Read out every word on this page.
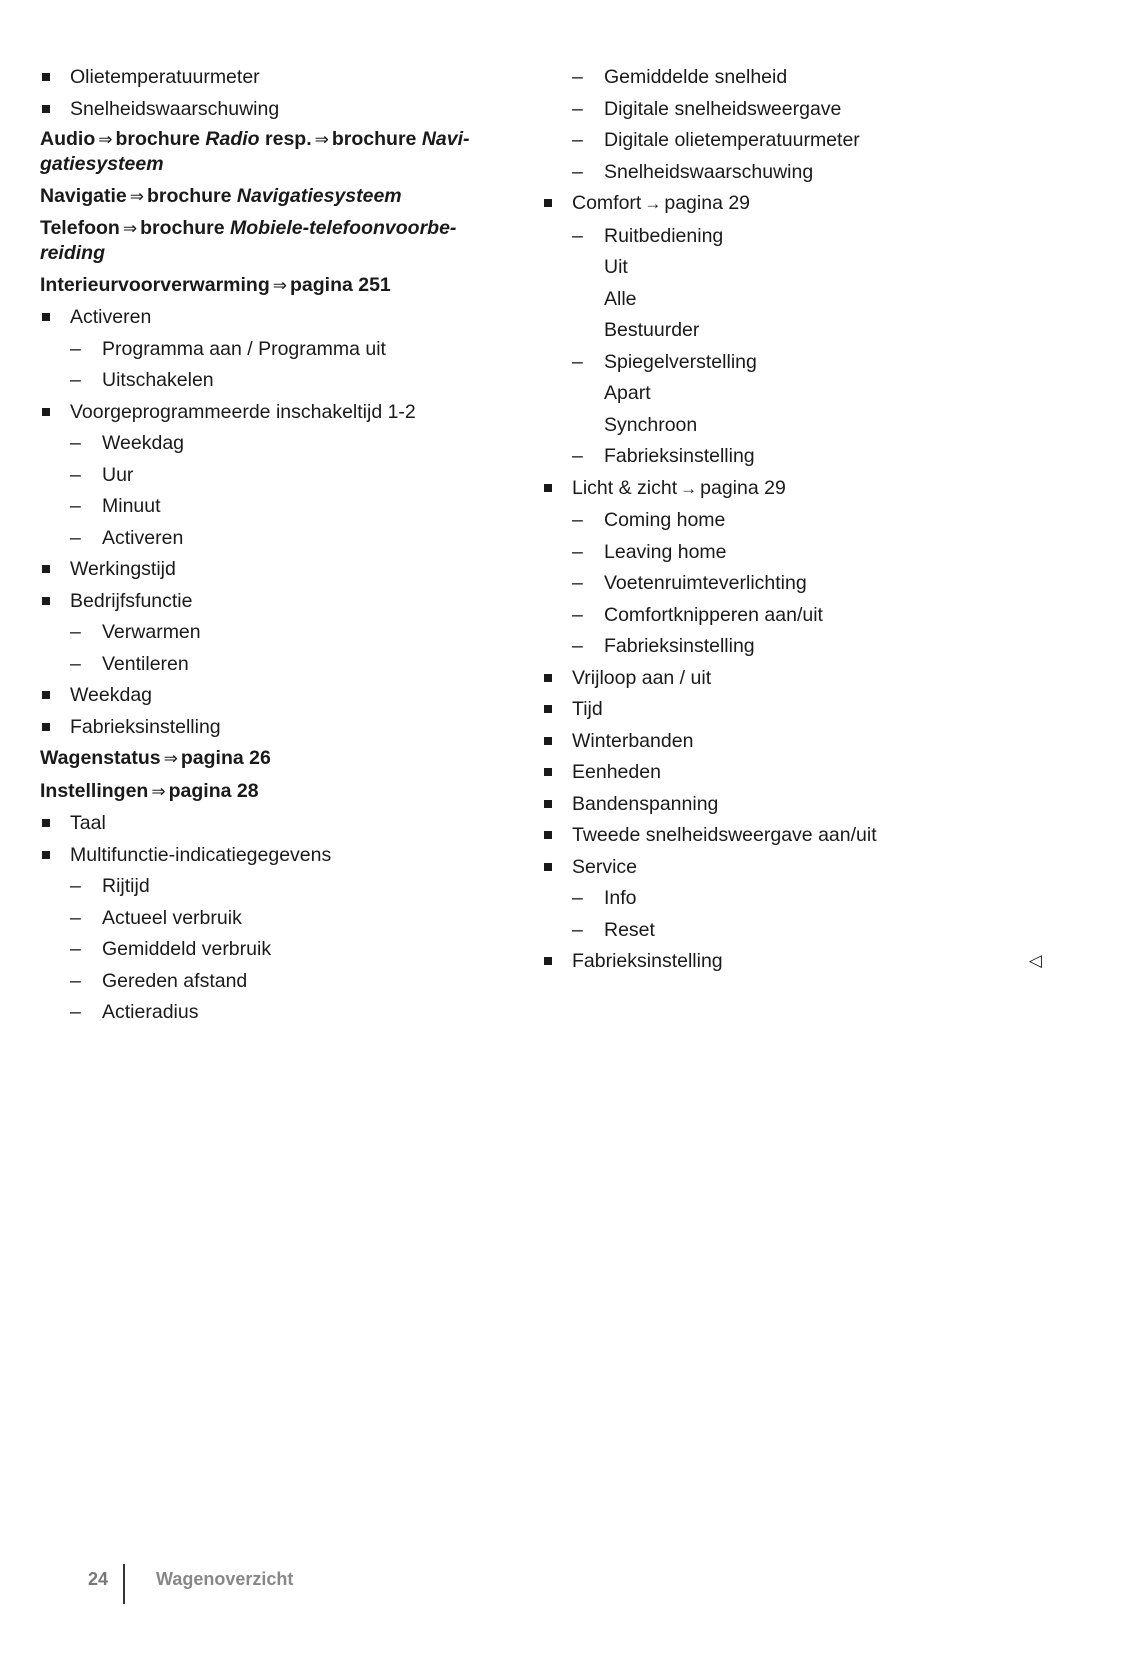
Olietemperatuurmeter
Snelheidswaarschuwing
Audio ⇒ brochure Radio resp. ⇒ brochure Navi-gatiesysteem
Navigatie ⇒ brochure Navigatiesysteem
Telefoon ⇒ brochure Mobiele-telefoonvoorbe-reiding
Interieurvoorverwarming ⇒ pagina 251
Activeren
– Programma aan / Programma uit
– Uitschakelen
Voorgeprogrammeerde inschakeltijd 1-2
– Weekdag
– Uur
– Minuut
– Activeren
Werkingstijd
Bedrijfsfunctie
– Verwarmen
– Ventileren
Weekdag
Fabrieksinstelling
Wagenstatus ⇒ pagina 26
Instellingen ⇒ pagina 28
Taal
Multifunctie-indicatiegegevens
– Rijtijd
– Actueel verbruik
– Gemiddeld verbruik
– Gereden afstand
– Actieradius
– Gemiddelde snelheid
– Digitale snelheidsweergave
– Digitale olietemperatuurmeter
– Snelheidswaarschuwing
Comfort → pagina 29
– Ruitbediening
Uit
Alle
Bestuurder
– Spiegelverstelling
Apart
Synchroon
– Fabrieksinstelling
Licht & zicht → pagina 29
– Coming home
– Leaving home
– Voetenruimteverlichting
– Comfortknipperen aan/uit
– Fabrieksinstelling
Vrijloop aan / uit
Tijd
Winterbanden
Eenheden
Bandenspanning
Tweede snelheidsweergave aan/uit
Service
– Info
– Reset
Fabrieksinstelling	◁
24	Wagenoverzicht
